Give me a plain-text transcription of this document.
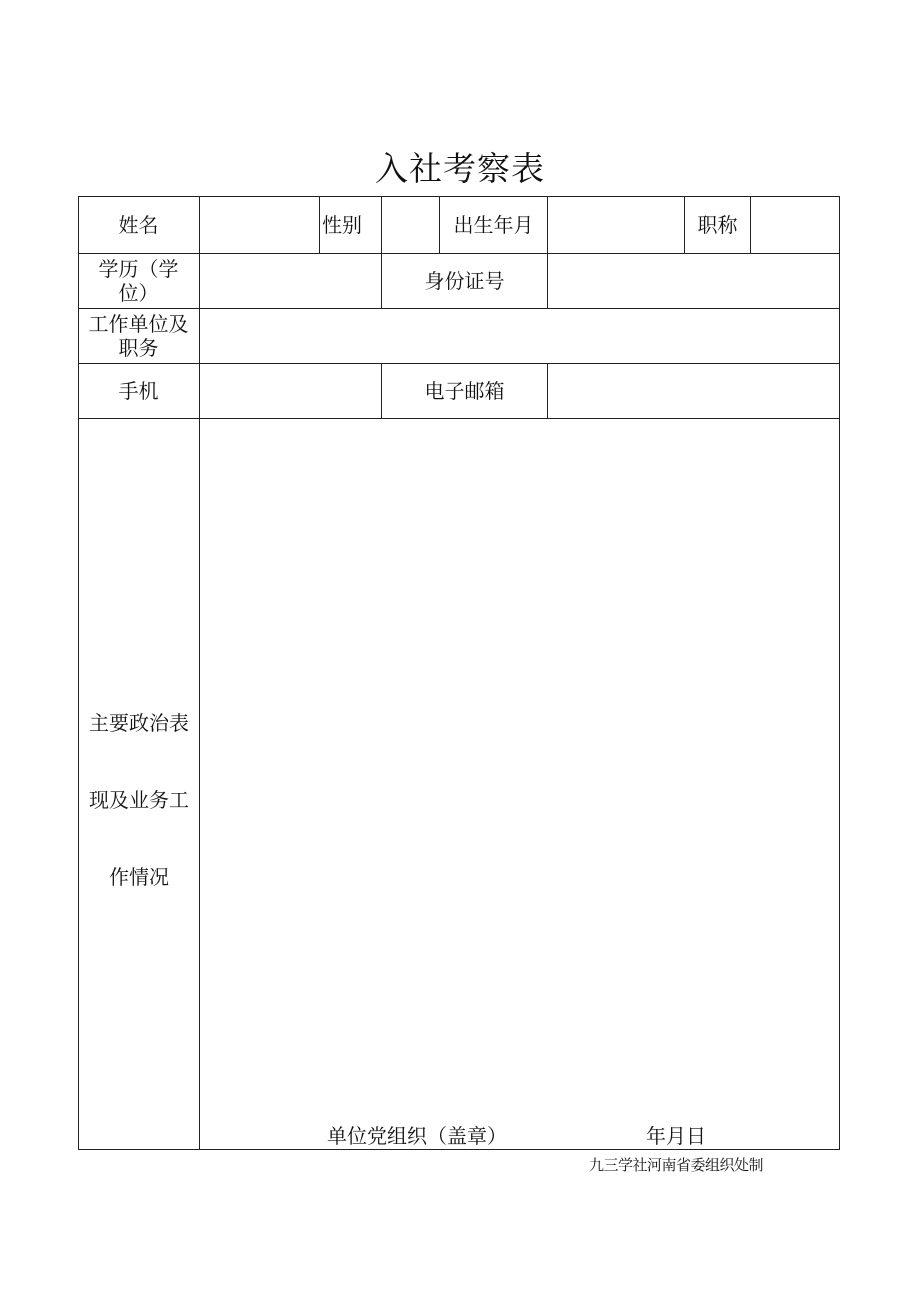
入社考察表
姓名	性别	出生年月	职称
学历（学位）	身份证号
工作单位及职务
手机	电子邮箱
主要政治表
现及业务工
作情况
单位党组织（盖章）	年月日
九三学社河南省委组织处制
